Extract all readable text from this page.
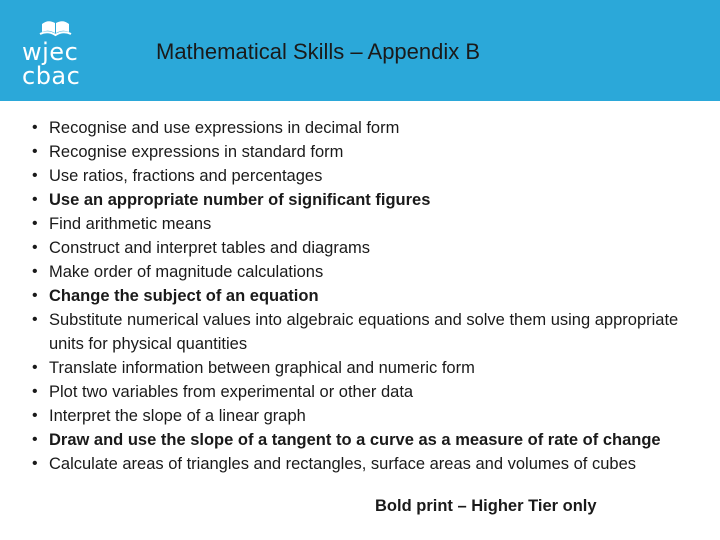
wjec
cbac
Mathematical Skills – Appendix B
• Recognise and use expressions in decimal form
• Recognise expressions in standard form
• Use ratios, fractions and percentages
• Use an appropriate number of significant figures
• Find arithmetic means
• Construct and interpret tables and diagrams
• Make order of magnitude calculations
• Change the subject of an equation
• Substitute numerical values into algebraic equations and solve them using appropriate units for physical quantities
• Translate information between graphical and numeric form
• Plot two variables from experimental or other data
• Interpret the slope of a linear graph
• Draw and use the slope of a tangent to a curve as a measure of rate of change
• Calculate areas of triangles and rectangles, surface areas and volumes of cubes
Bold print – Higher Tier only
